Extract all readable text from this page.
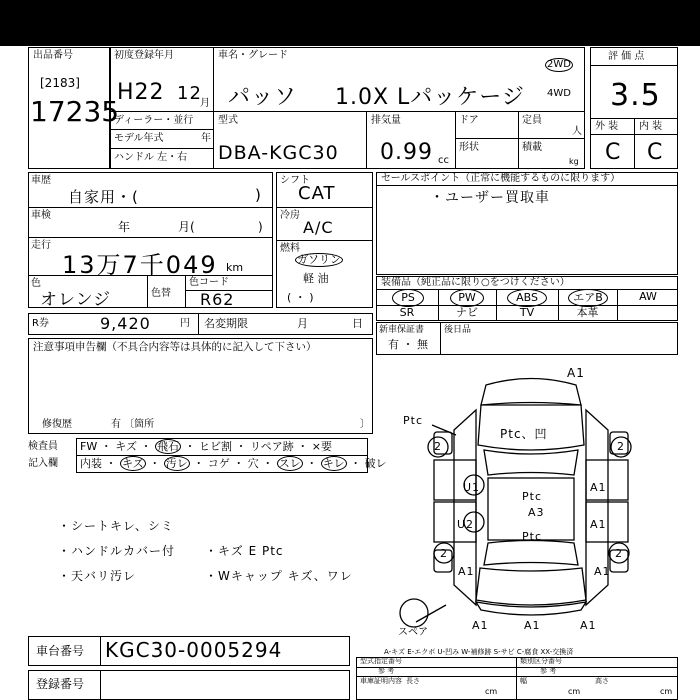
出品番号
[2183]
17235
初度登録年月
H22 12
月
車名・グレード
パッソ 1.0X Lパッケージ
2WD
4WD
ディーラー・並行
年
モデル年式
ハンドル 左・右
型式
DBA-KGC30
排気量
0.99 cc
ドア
形状
定員
人
積載
kg
評 価 点
3.5
外 装 内 装
C C
車歴
自家用・(	)
車検
年	月(	)
走行
13万7千049 km
色
オレンジ	色替
色コード
R62
シフト
CAT
冷房
A/C
燃料
ガソリン
軽 油
( ・ )
セールスポイント（正常に機能するものに限ります）
・ユーザー買取車
装備品（純正品に限り○をつけください）
PS	PW	ABS	エアB	AW
SR	ナビ	TV	本革
R券	9,420	円 名変期限	月	日 新車保証書
有 ・ 無
後日品
注意事項申告欄（不具合内容等は具体的に記入して下さい）
修復歴	有 〔箇所	〕
検査員
記入欄
FW ・ キズ ・ 飛石 ・ ヒビ割 ・ リペア跡 ・ ×要
内装 ・ キズ ・ 汚レ ・ コゲ ・ 穴 ・ スレ ・ キレ ・ 破レ
・シートキレ、シミ
・ハンドルカバー付
・天バリ汚レ
・キズ E Ptc
・Wキャップ キズ、ワレ
A1
Ptc
Ptc、凹
2	2
U1	A1
Ptc
A3
U2	A1
Ptc
2	2
A1	A1
A1	A1	A1
スペア
A-キズ E-エクボ U-凹み W-補修跡 S-サビ C-腐食 XX-交換済
車台番号 KGC30-0005294
登録番号
型式指定番号
参 考
類別区分番号
参 考
車庫証明内容 長さ
cm
幅
cm
高さ
cm
